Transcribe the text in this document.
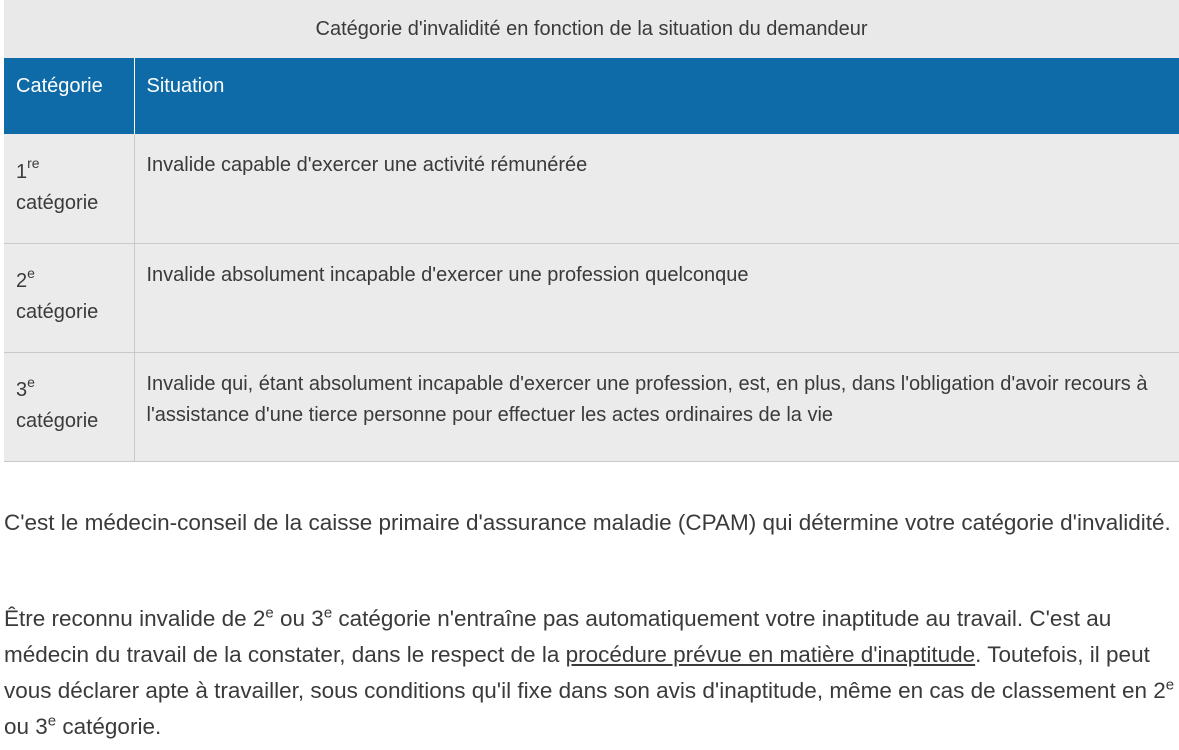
Catégorie d'invalidité en fonction de la situation du demandeur
Catégorie	Situation
1re
catégorie	Invalide capable d'exercer une activité rémunérée
2e
catégorie	Invalide absolument incapable d'exercer une profession quelconque
3e
catégorie	Invalide qui, étant absolument incapable d'exercer une profession, est, en plus, dans l'obligation d'avoir recours à l'assistance d'une tierce personne pour effectuer les actes ordinaires de la vie

C'est le médecin-conseil de la caisse primaire d'assurance maladie (CPAM) qui détermine votre catégorie d'invalidité.

Être reconnu invalide de 2e ou 3e catégorie n'entraîne pas automatiquement votre inaptitude au travail. C'est au médecin du travail de la constater, dans le respect de la procédure prévue en matière d'inaptitude. Toutefois, il peut vous déclarer apte à travailler, sous conditions qu'il fixe dans son avis d'inaptitude, même en cas de classement en 2e ou 3e catégorie.
